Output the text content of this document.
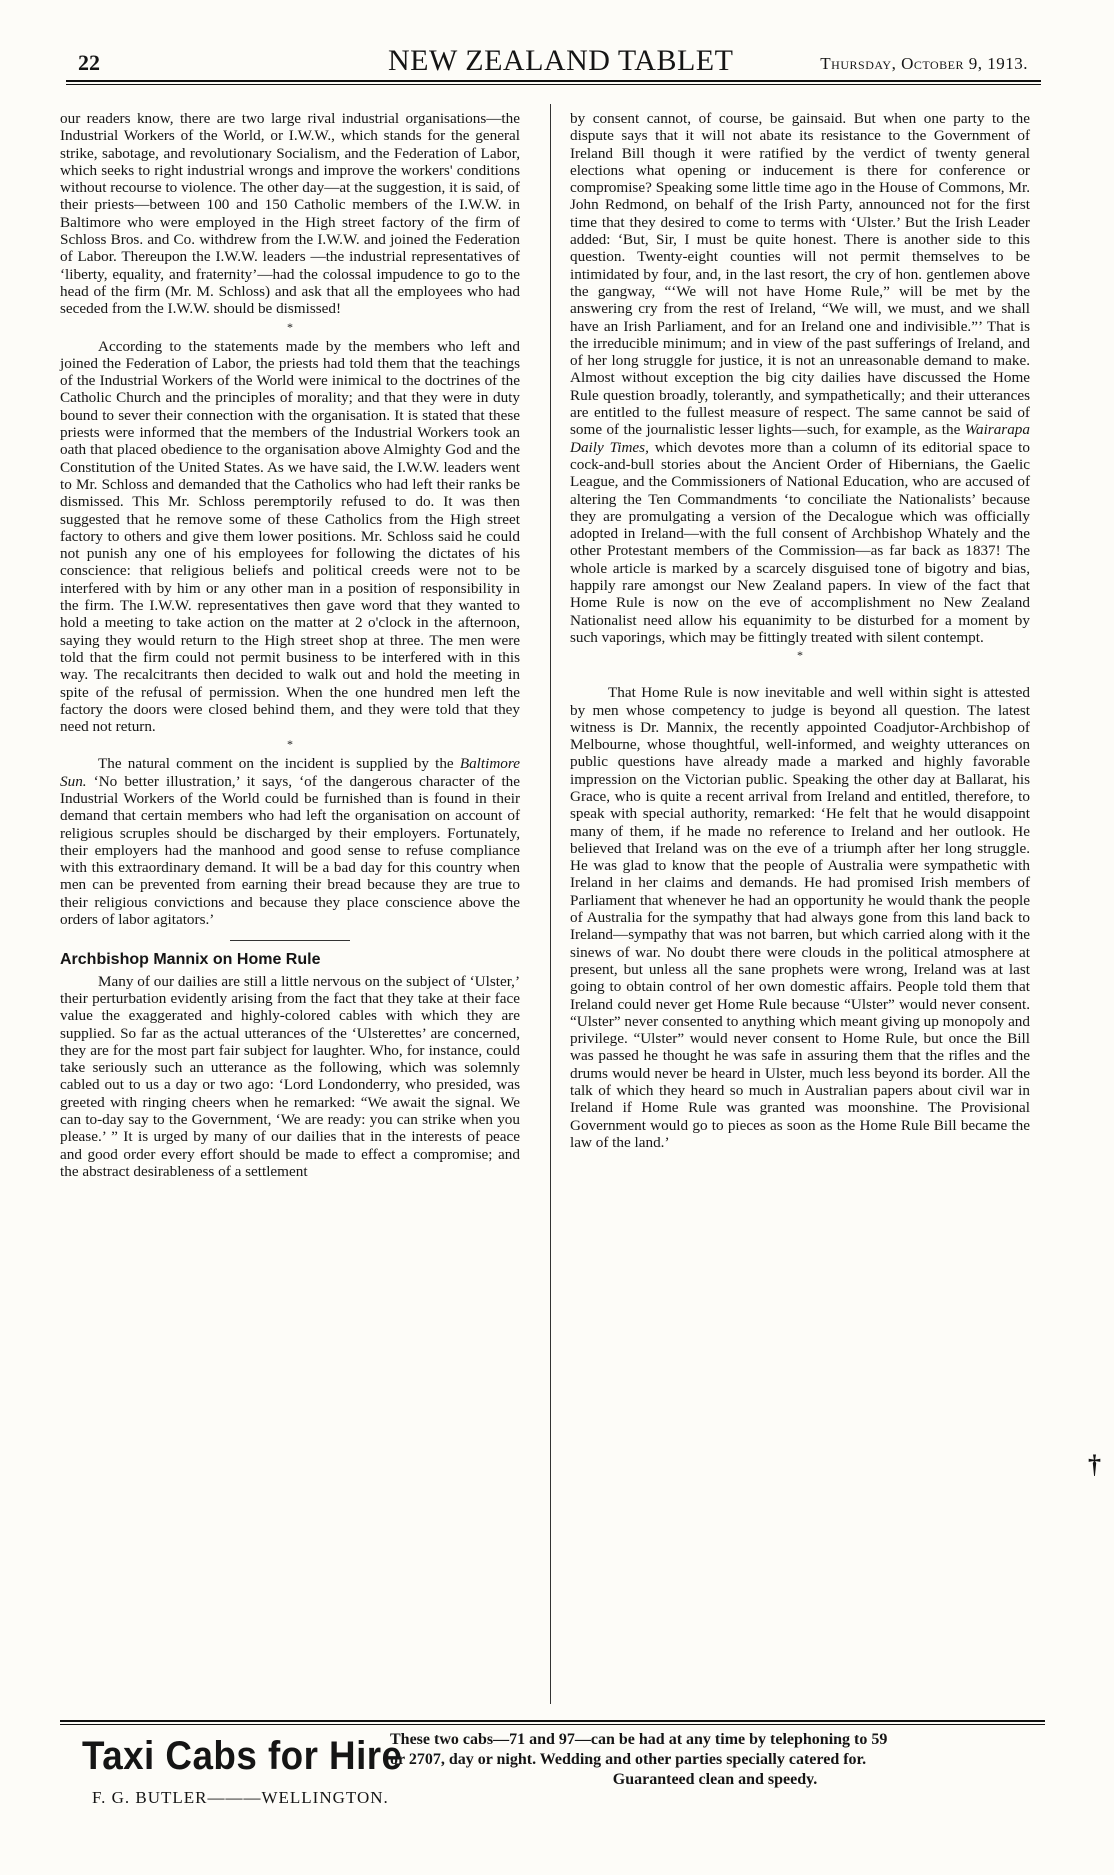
22	NEW ZEALAND TABLET	Thursday, October 9, 1913.

our readers know, there are two large rival industrial organisations—the Industrial Workers of the World, or I.W.W., which stands for the general strike, sabotage, and revolutionary Socialism, and the Federation of Labor, which seeks to right industrial wrongs and improve the workers' conditions without recourse to violence. The other day—at the suggestion, it is said, of their priests—between 100 and 150 Catholic members of the I.W.W. in Baltimore who were employed in the High street factory of the firm of Schloss Bros. and Co. withdrew from the I.W.W. and joined the Federation of Labor. Thereupon the I.W.W. leaders —the industrial representatives of ‘liberty, equality, and fraternity’—had the colossal impudence to go to the head of the firm (Mr. M. Schloss) and ask that all the employees who had seceded from the I.W.W. should be dismissed!

*

According to the statements made by the members who left and joined the Federation of Labor, the priests had told them that the teachings of the Industrial Workers of the World were inimical to the doctrines of the Catholic Church and the principles of morality; and that they were in duty bound to sever their connection with the organisation. It is stated that these priests were informed that the members of the Industrial Workers took an oath that placed obedience to the organisation above Almighty God and the Constitution of the United States. As we have said, the I.W.W. leaders went to Mr. Schloss and demanded that the Catholics who had left their ranks be dismissed. This Mr. Schloss peremptorily refused to do. It was then suggested that he remove some of these Catholics from the High street factory to others and give them lower positions. Mr. Schloss said he could not punish any one of his employees for following the dictates of his conscience: that religious beliefs and political creeds were not to be interfered with by him or any other man in a position of responsibility in the firm. The I.W.W. representatives then gave word that they wanted to hold a meeting to take action on the matter at 2 o'clock in the afternoon, saying they would return to the High street shop at three. The men were told that the firm could not permit business to be interfered with in this way. The recalcitrants then decided to walk out and hold the meeting in spite of the refusal of permission. When the one hundred men left the factory the doors were closed behind them, and they were told that they need not return.

*

The natural comment on the incident is supplied by the Baltimore Sun. ‘No better illustration,’ it says, ‘of the dangerous character of the Industrial Workers of the World could be furnished than is found in their demand that certain members who had left the organisation on account of religious scruples should be discharged by their employers. Fortunately, their employers had the manhood and good sense to refuse compliance with this extraordinary demand. It will be a bad day for this country when men can be prevented from earning their bread because they are true to their religious convictions and because they place conscience above the orders of labor agitators.’

Archbishop Mannix on Home Rule

Many of our dailies are still a little nervous on the subject of ‘Ulster,’ their perturbation evidently arising from the fact that they take at their face value the exaggerated and highly-colored cables with which they are supplied. So far as the actual utterances of the ‘Ulsterettes’ are concerned, they are for the most part fair subject for laughter. Who, for instance, could take seriously such an utterance as the following, which was solemnly cabled out to us a day or two ago: ‘Lord Londonderry, who presided, was greeted with ringing cheers when he remarked: “We await the signal. We can to-day say to the Government, ‘We are ready: you can strike when you please.’ ” It is urged by many of our dailies that in the interests of peace and good order every effort should be made to effect a compromise; and the abstract desirableness of a settlement

by consent cannot, of course, be gainsaid. But when one party to the dispute says that it will not abate its resistance to the Government of Ireland Bill though it were ratified by the verdict of twenty general elections what opening or inducement is there for conference or compromise? Speaking some little time ago in the House of Commons, Mr. John Redmond, on behalf of the Irish Party, announced not for the first time that they desired to come to terms with ‘Ulster.’ But the Irish Leader added: ‘But, Sir, I must be quite honest. There is another side to this question. Twenty-eight counties will not permit themselves to be intimidated by four, and, in the last resort, the cry of hon. gentlemen above the gangway, “‘We will not have Home Rule,” will be met by the answering cry from the rest of Ireland, “We will, we must, and we shall have an Irish Parliament, and for an Ireland one and indivisible.”’ That is the irreducible minimum; and in view of the past sufferings of Ireland, and of her long struggle for justice, it is not an unreasonable demand to make. Almost without exception the big city dailies have discussed the Home Rule question broadly, tolerantly, and sympathetically; and their utterances are entitled to the fullest measure of respect. The same cannot be said of some of the journalistic lesser lights—such, for example, as the Wairarapa Daily Times, which devotes more than a column of its editorial space to cock-and-bull stories about the Ancient Order of Hibernians, the Gaelic League, and the Commissioners of National Education, who are accused of altering the Ten Commandments ‘to conciliate the Nationalists’ because they are promulgating a version of the Decalogue which was officially adopted in Ireland—with the full consent of Archbishop Whately and the other Protestant members of the Commission—as far back as 1837! The whole article is marked by a scarcely disguised tone of bigotry and bias, happily rare amongst our New Zealand papers. In view of the fact that Home Rule is now on the eve of accomplishment no New Zealand Nationalist need allow his equanimity to be disturbed for a moment by such vaporings, which may be fittingly treated with silent contempt.

*

That Home Rule is now inevitable and well within sight is attested by men whose competency to judge is beyond all question. The latest witness is Dr. Mannix, the recently appointed Coadjutor-Archbishop of Melbourne, whose thoughtful, well-informed, and weighty utterances on public questions have already made a marked and highly favorable impression on the Victorian public. Speaking the other day at Ballarat, his Grace, who is quite a recent arrival from Ireland and entitled, therefore, to speak with special authority, remarked: ‘He felt that he would disappoint many of them, if he made no reference to Ireland and her outlook. He believed that Ireland was on the eve of a triumph after her long struggle. He was glad to know that the people of Australia were sympathetic with Ireland in her claims and demands. He had promised Irish members of Parliament that whenever he had an opportunity he would thank the people of Australia for the sympathy that had always gone from this land back to Ireland—sympathy that was not barren, but which carried along with it the sinews of war. No doubt there were clouds in the political atmosphere at present, but unless all the sane prophets were wrong, Ireland was at last going to obtain control of her own domestic affairs. People told them that Ireland could never get Home Rule because “Ulster” would never consent. “Ulster” never consented to anything which meant giving up monopoly and privilege. “Ulster” would never consent to Home Rule, but once the Bill was passed he thought he was safe in assuring them that the rifles and the drums would never be heard in Ulster, much less beyond its border. All the talk of which they heard so much in Australian papers about civil war in Ireland if Home Rule was granted was moonshine. The Provisional Government would go to pieces as soon as the Home Rule Bill became the law of the land.’

†
Taxi Cabs for Hire
F. G. BUTLER———WELLINGTON.
These two cabs—71 and 97—can be had at any time by telephoning to 59
or 2707, day or night. Wedding and other parties specially catered for.

Guaranteed clean and speedy.
